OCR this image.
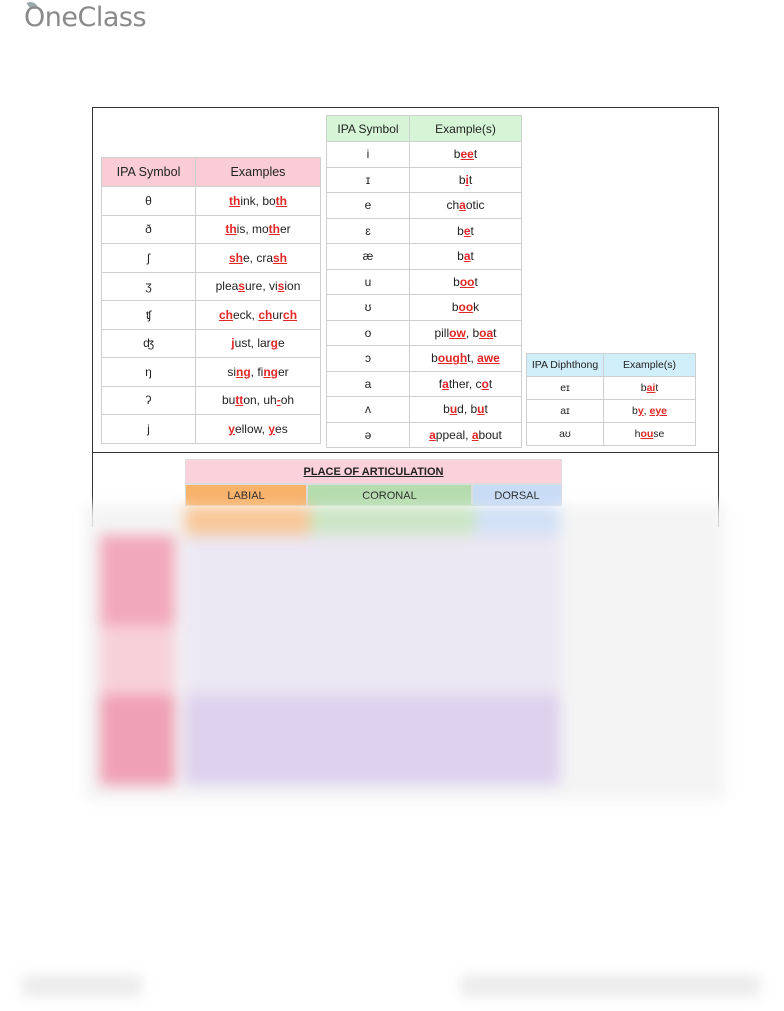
OneClass
IPA Symbol	Examples
θ	think, both
ð	this, mother
ʃ	she, crash
ʒ	pleasure, vision
ʧ	check, church
ʤ	just, large
ŋ	sing, finger
ʔ	button, uh-oh
j	yellow, yes
IPA Symbol	Example(s)
i	beet
ɪ	bit
e	chaotic
ɛ	bet
æ	bat
u	boot
ʊ	book
o	pillow, boat
ɔ	bought, awe
a	father, cot
ʌ	bud, but
ə	appeal, about
IPA Diphthong	Example(s)
eɪ	bait
aɪ	by, eye
aʊ	house
PLACE OF ARTICULATION
LABIAL	CORONAL	DORSAL
